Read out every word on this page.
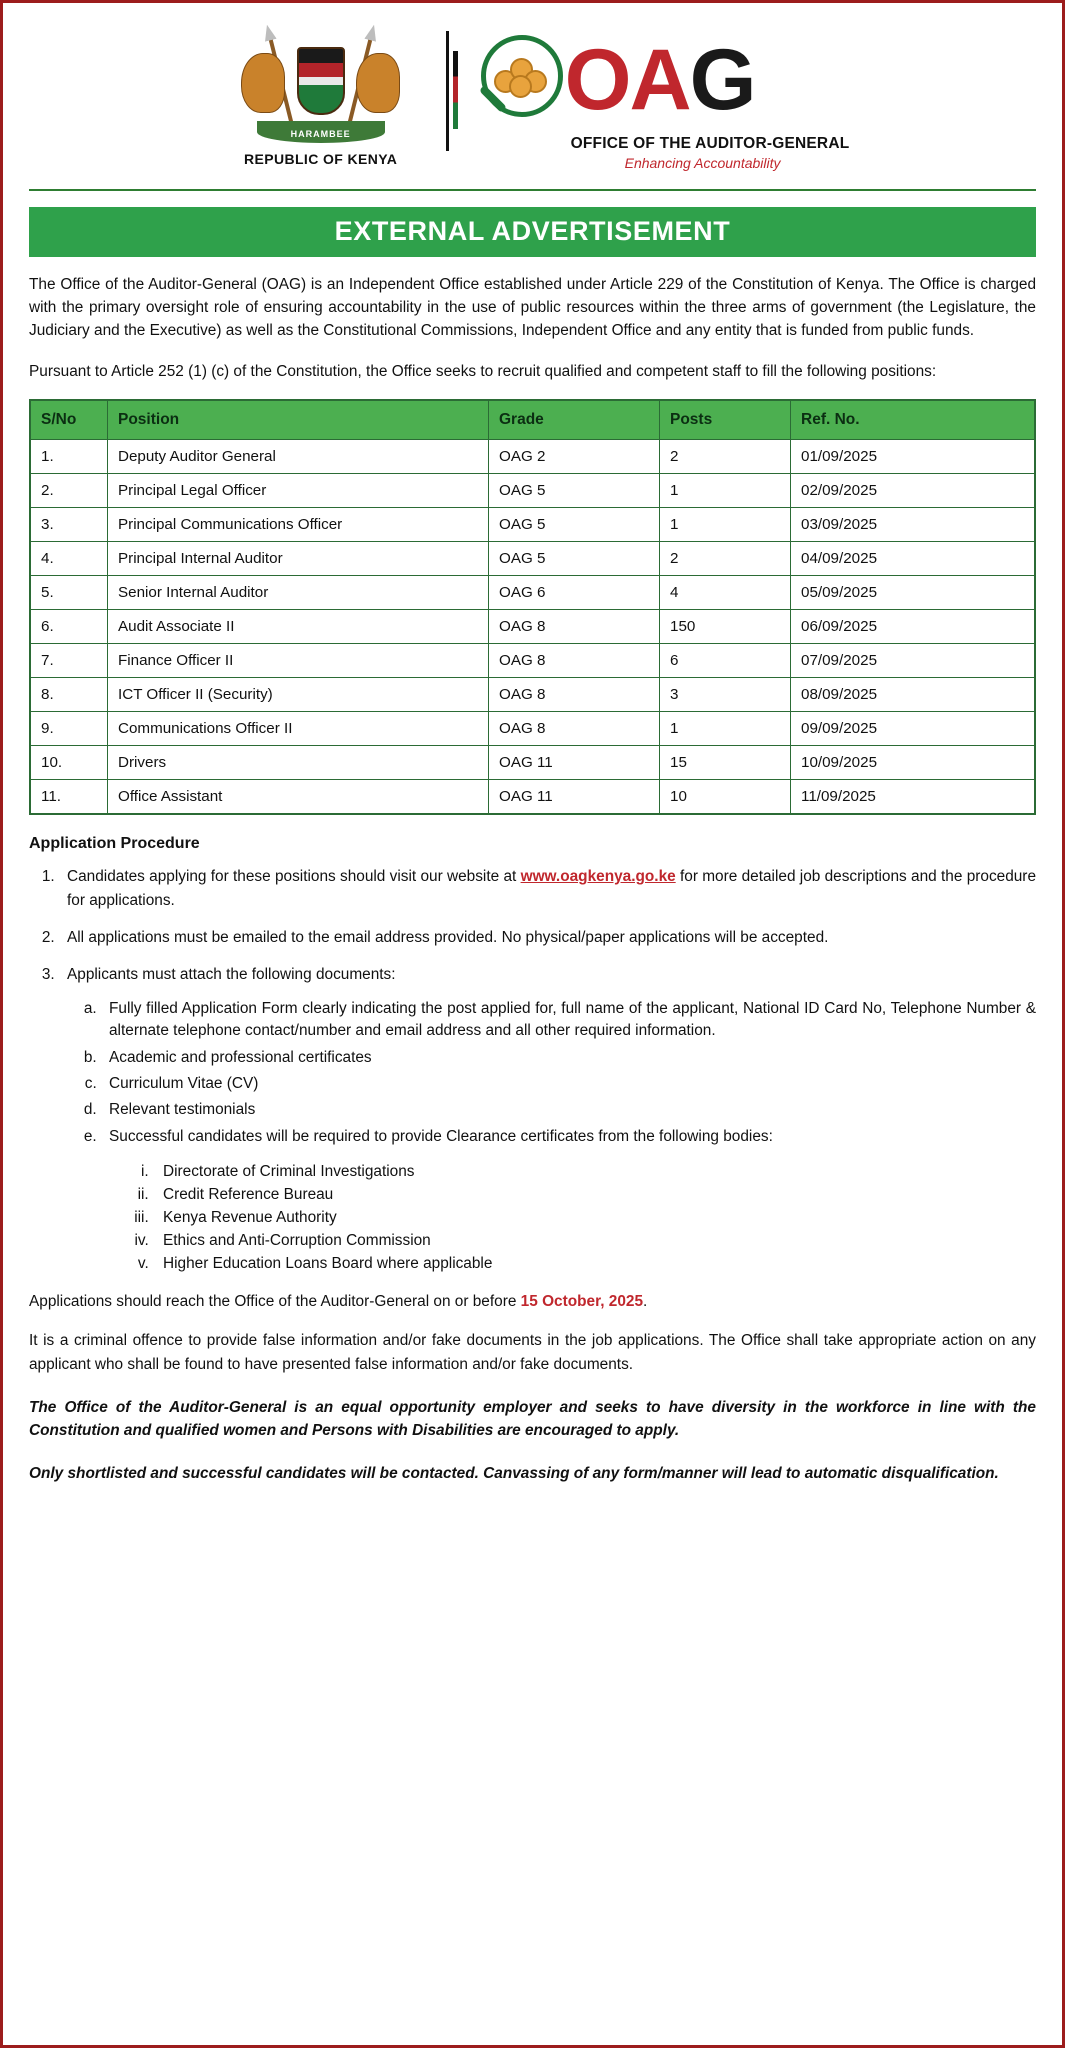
HARAMBEE
REPUBLIC OF KENYA
OAG
OFFICE OF THE AUDITOR-GENERAL
Enhancing Accountability
EXTERNAL ADVERTISEMENT

The Office of the Auditor-General (OAG) is an Independent Office established under Article 229 of the Constitution of Kenya. The Office is charged with the primary oversight role of ensuring accountability in the use of public resources within the three arms of government (the Legislature, the Judiciary and the Executive) as well as the Constitutional Commissions, Independent Office and any entity that is funded from public funds.

Pursuant to Article 252 (1) (c) of the Constitution, the Office seeks to recruit qualified and competent staff to fill the following positions:

S/No	Position	Grade	Posts	Ref. No.
1.	Deputy Auditor General	OAG 2	2	01/09/2025
2.	Principal Legal Officer	OAG 5	1	02/09/2025
3.	Principal Communications Officer	OAG 5	1	03/09/2025
4.	Principal Internal Auditor	OAG 5	2	04/09/2025
5.	Senior Internal Auditor	OAG 6	4	05/09/2025
6.	Audit Associate II	OAG 8	150	06/09/2025
7.	Finance Officer II	OAG 8	6	07/09/2025
8.	ICT Officer II (Security)	OAG 8	3	08/09/2025
9.	Communications Officer II	OAG 8	1	09/09/2025
10.	Drivers	OAG 11	15	10/09/2025
11.	Office Assistant	OAG 11	10	11/09/2025
Application Procedure
1. Candidates applying for these positions should visit our website at www.oagkenya.go.ke for more detailed job descriptions and the procedure for applications.
2. All applications must be emailed to the email address provided. No physical/paper applications will be accepted.
3. Applicants must attach the following documents:
a. Fully filled Application Form clearly indicating the post applied for, full name of the applicant, National ID Card No, Telephone Number & alternate telephone contact/number and email address and all other required information.
b. Academic and professional certificates
c. Curriculum Vitae (CV)
d. Relevant testimonials
e. Successful candidates will be required to provide Clearance certificates from the following bodies:
i. Directorate of Criminal Investigations
ii. Credit Reference Bureau
iii. Kenya Revenue Authority
iv. Ethics and Anti-Corruption Commission
v. Higher Education Loans Board where applicable

Applications should reach the Office of the Auditor-General on or before 15 October, 2025.

It is a criminal offence to provide false information and/or fake documents in the job applications. The Office shall take appropriate action on any applicant who shall be found to have presented false information and/or fake documents.

The Office of the Auditor-General is an equal opportunity employer and seeks to have diversity in the workforce in line with the Constitution and qualified women and Persons with Disabilities are encouraged to apply.

Only shortlisted and successful candidates will be contacted. Canvassing of any form/manner will lead to automatic disqualification.
